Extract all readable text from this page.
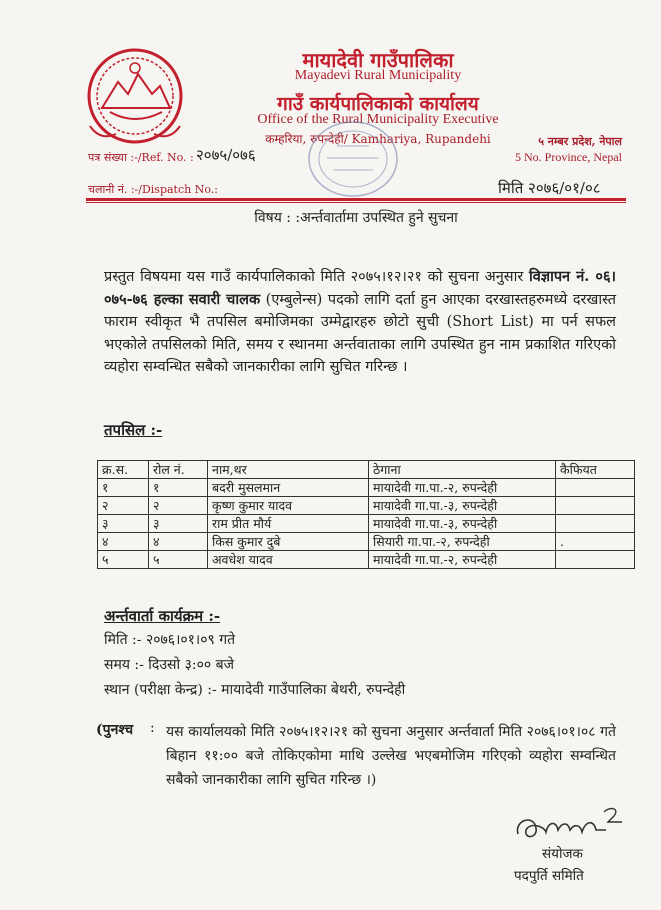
मायादेवी गाउँपालिका
Mayadevi Rural Municipality
गाउँ कार्यपालिकाको कार्यालय
Office of the Rural Municipality Executive
कम्हरिया, रुपन्देही/ Kamhariya, Rupandehi	५ नम्बर प्रदेश, नेपाल
5 No. Province, Nepal
पत्र संख्या :-/Ref. No. : २०७५/०७६
चलानी नं. :-/Dispatch No.:	मिति २०७६/०१/०८
विषय : :अर्न्तवार्तामा उपस्थित हुने सुचना
प्रस्तुत विषयमा यस गाउँ कार्यपालिकाको मिति २०७५।१२।२१ को सुचना अनुसार विज्ञापन नं. ०६।०७५-७६ हल्का सवारी चालक (एम्बुलेन्स) पदको लागि दर्ता हुन आएका दरखास्तहरुमध्ये दरखास्त फाराम स्वीकृत भै तपसिल बमोजिमका उम्मेद्वारहरु छोटो सुची (Short List) मा पर्न सफल भएकोले तपसिलको मिति, समय र स्थानमा अर्न्तवाताका लागि उपस्थित हुन नाम प्रकाशित गरिएको व्यहोरा सम्वन्धित सबैको जानकारीका लागि सुचित गरिन्छ ।
तपसिल :-
क्र.स.	रोल नं.	नाम,थर	ठेगाना	कैफियत
१	१	बदरी मुसलमान	मायादेवी गा.पा.-२, रुपन्देही	
२	२	कृष्ण कुमार यादव	मायादेवी गा.पा.-३, रुपन्देही	
३	३	राम प्रीत मौर्य	मायादेवी गा.पा.-३, रुपन्देही	
४	४	किस कुमार दुबे	सियारी गा.पा.-२, रुपन्देही	.
५	५	अवधेश यादव	मायादेवी गा.पा.-२, रुपन्देही	
अर्न्तवार्ता कार्यक्रम :-
मिति :- २०७६।०१।०९ गते
समय :- दिउसो ३:०० बजे
स्थान (परीक्षा केन्द्र) :- मायादेवी गाउँपालिका बेथरी, रुपन्देही
(पुनश्च : यस कार्यालयको मिति २०७५।१२।२१ को सुचना अनुसार अर्न्तवार्ता मिति २०७६।०१।०८ गते बिहान ११:०० बजे तोकिएकोमा माथि उल्लेख भएबमोजिम गरिएको व्यहोरा सम्वन्धित सबैको जानकारीका लागि सुचित गरिन्छ ।)
संयोजक
पदपुर्ति समिति
